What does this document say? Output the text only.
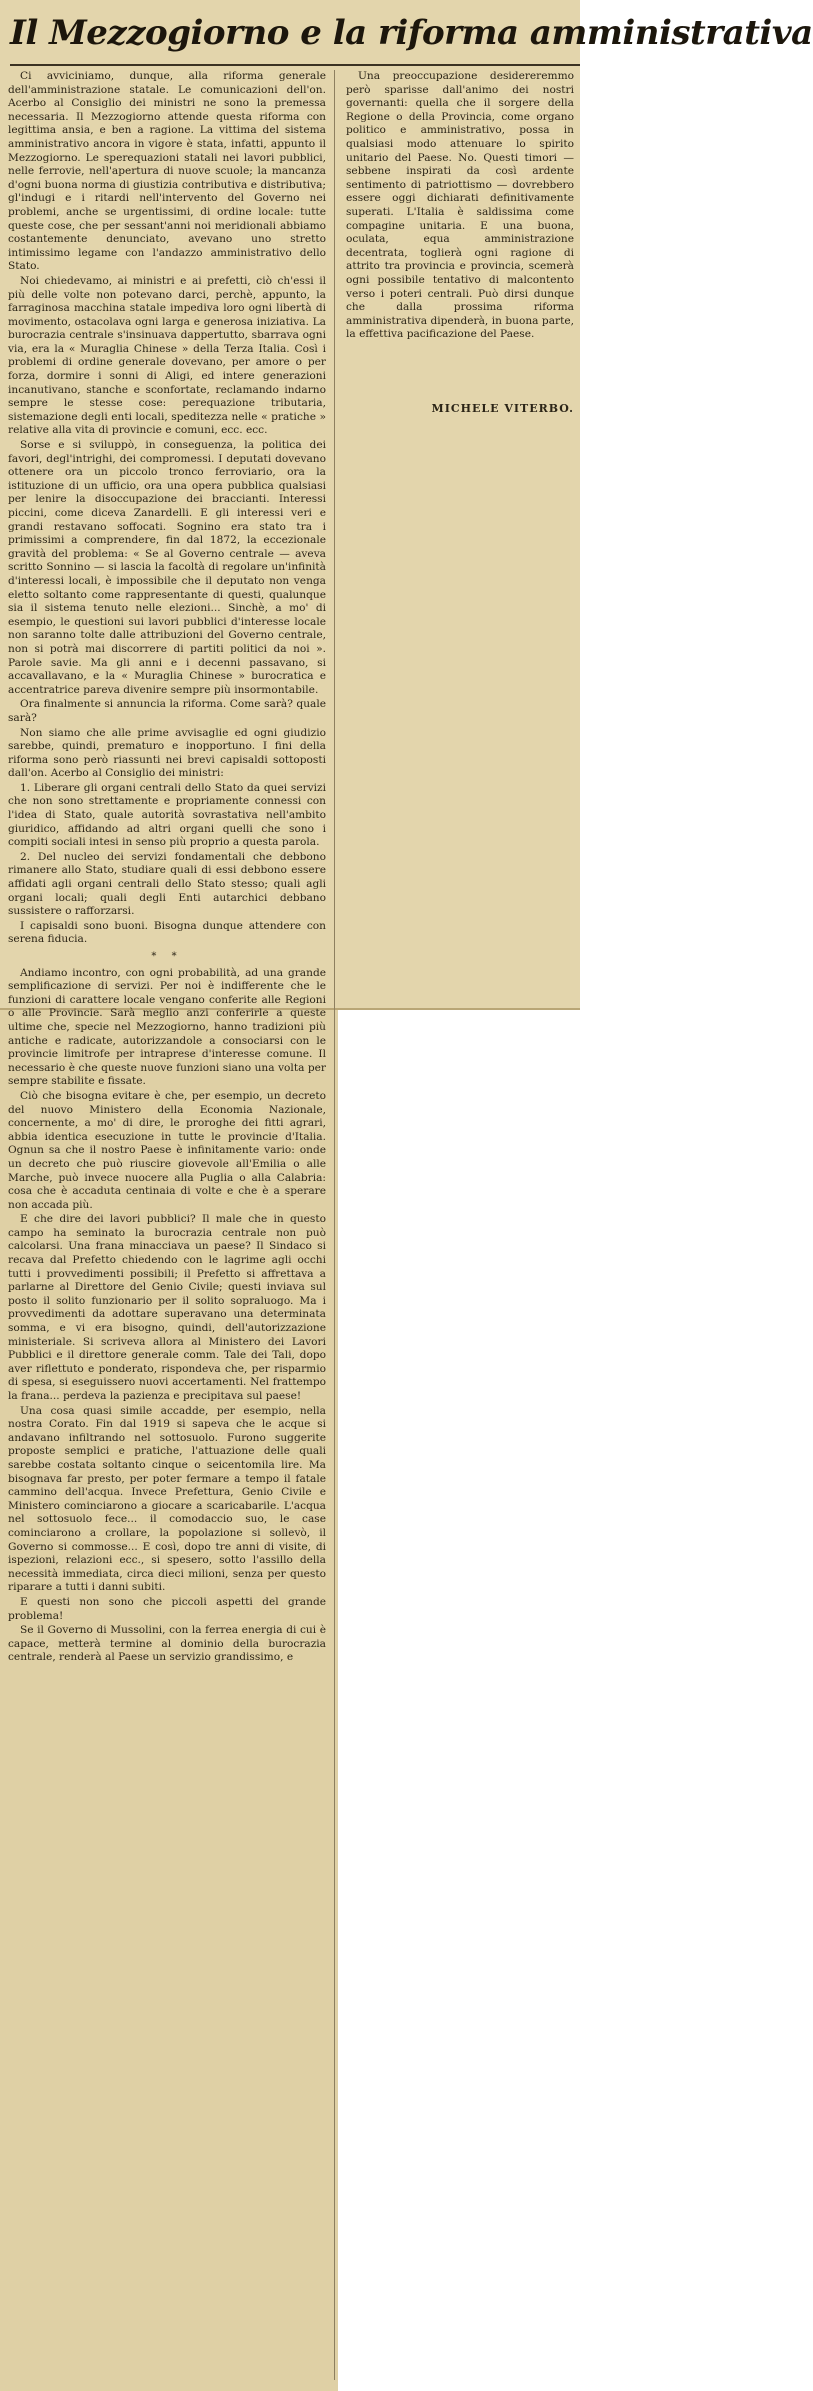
Il Mezzogiorno e la riforma amministrativa

Ci avviciniamo, dunque, alla riforma generale dell'amministrazione statale. Le comunicazioni dell'on. Acerbo al Consiglio dei ministri ne sono la premessa necessaria. Il Mezzogiorno attende questa riforma con legittima ansia, e ben a ragione. La vittima del sistema amministrativo ancora in vigore è stata, infatti, appunto il Mezzogiorno. Le sperequazioni statali nei lavori pubblici, nelle ferrovie, nell'apertura di nuove scuole; la mancanza d'ogni buona norma di giustizia contributiva e distributiva; gl'indugi e i ritardi nell'intervento del Governo nei problemi, anche se urgentissimi, di ordine locale: tutte queste cose, che per sessant'anni noi meridionali abbiamo costantemente denunciato, avevano uno stretto intimissimo legame con l'andazzo amministrativo dello Stato.

Noi chiedevamo, ai ministri e ai prefetti, ciò ch'essi il più delle volte non potevano darci, perchè, appunto, la farraginosa macchina statale impediva loro ogni libertà di movimento, ostacolava ogni larga e generosa iniziativa. La burocrazia centrale s'insinuava dappertutto, sbarrava ogni via, era la « Muraglia Chinese » della Terza Italia. Così i problemi di ordine generale dovevano, per amore o per forza, dormire i sonni di Aligi, ed intere generazioni incanutivano, stanche e sconfortate, reclamando indarno sempre le stesse cose: perequazione tributaria, sistemazione degli enti locali, speditezza nelle « pratiche » relative alla vita di provincie e comuni, ecc. ecc.

Sorse e si sviluppò, in conseguenza, la politica dei favori, degl'intrighi, dei compromessi. I deputati dovevano ottenere ora un piccolo tronco ferroviario, ora la istituzione di un ufficio, ora una opera pubblica qualsiasi per lenire la disoccupazione dei braccianti. Interessi piccini, come diceva Zanardelli. E gli interessi veri e grandi restavano soffocati. Sognino era stato tra i primissimi a comprendere, fin dal 1872, la eccezionale gravità del problema: « Se al Governo centrale — aveva scritto Sonnino — si lascia la facoltà di regolare un'infinità d'interessi locali, è impossibile che il deputato non venga eletto soltanto come rappresentante di questi, qualunque sia il sistema tenuto nelle elezioni... Sinchè, a mo' di esempio, le questioni sui lavori pubblici d'interesse locale non saranno tolte dalle attribuzioni del Governo centrale, non si potrà mai discorrere di partiti politici da noi ». Parole savie. Ma gli anni e i decenni passavano, si accavallavano, e la « Muraglia Chinese » burocratica e accentratrice pareva divenire sempre più insormontabile.

Ora finalmente si annuncia la riforma. Come sarà? quale sarà?

Non siamo che alle prime avvisaglie ed ogni giudizio sarebbe, quindi, prematuro e inopportuno. I fini della riforma sono però riassunti nei brevi capisaldi sottoposti dall'on. Acerbo al Consiglio dei ministri:

1. Liberare gli organi centrali dello Stato da quei servizi che non sono strettamente e propriamente connessi con l'idea di Stato, quale autorità sovrastativa nell'ambito giuridico, affidando ad altri organi quelli che sono i compiti sociali intesi in senso più proprio a questa parola.

2. Del nucleo dei servizi fondamentali che debbono rimanere allo Stato, studiare quali di essi debbono essere affidati agli organi centrali dello Stato stesso; quali agli organi locali; quali degli Enti autarchici debbano sussistere o rafforzarsi.

I capisaldi sono buoni. Bisogna dunque attendere con serena fiducia.

* *

Andiamo incontro, con ogni probabilità, ad una grande semplificazione di servizi. Per noi è indifferente che le funzioni di carattere locale vengano conferite alle Regioni o alle Provincie. Sarà meglio anzi conferirle a queste ultime che, specie nel Mezzogiorno, hanno tradizioni più antiche e radicate, autorizzandole a consociarsi con le provincie limitrofe per intraprese d'interesse comune. Il necessario è che queste nuove funzioni siano una volta per sempre stabilite e fissate.

Ciò che bisogna evitare è che, per esempio, un decreto del nuovo Ministero della Economia Nazionale, concernente, a mo' di dire, le proroghe dei fitti agrari, abbia identica esecuzione in tutte le provincie d'Italia. Ognun sa che il nostro Paese è infinitamente vario: onde un decreto che può riuscire giovevole all'Emilia o alle Marche, può invece nuocere alla Puglia o alla Calabria: cosa che è accaduta centinaia di volte e che è a sperare non accada più.

E che dire dei lavori pubblici? Il male che in questo campo ha seminato la burocrazia centrale non può calcolarsi. Una frana minacciava un paese? Il Sindaco si recava dal Prefetto chiedendo con le lagrime agli occhi tutti i provvedimenti possibili; il Prefetto si affrettava a parlarne al Direttore del Genio Civile; questi inviava sul posto il solito funzionario per il solito sopraluogo. Ma i provvedimenti da adottare superavano una determinata somma, e vi era bisogno, quindi, dell'autorizzazione ministeriale. Si scriveva allora al Ministero dei Lavori Pubblici e il direttore generale comm. Tale dei Tali, dopo aver riflettuto e ponderato, rispondeva che, per risparmio di spesa, si eseguissero nuovi accertamenti. Nel frattempo la frana... perdeva la pazienza e precipitava sul paese!

Una cosa quasi simile accadde, per esempio, nella nostra Corato. Fin dal 1919 si sapeva che le acque si andavano infiltrando nel sottosuolo. Furono suggerite proposte semplici e pratiche, l'attuazione delle quali sarebbe costata soltanto cinque o seicentomila lire. Ma bisognava far presto, per poter fermare a tempo il fatale cammino dell'acqua. Invece Prefettura, Genio Civile e Ministero cominciarono a giocare a scaricabarile. L'acqua nel sottosuolo fece... il comodaccio suo, le case cominciarono a crollare, la popolazione si sollevò, il Governo si commosse... E così, dopo tre anni di visite, di ispezioni, relazioni ecc., si spesero, sotto l'assillo della necessità immediata, circa dieci milioni, senza per questo riparare a tutti i danni subiti.

E questi non sono che piccoli aspetti del grande problema!

Se il Governo di Mussolini, con la ferrea energia di cui è capace, metterà termine al dominio della burocrazia centrale, renderà al Paese un servizio grandissimo, e

Una preoccupazione desidereremmo però sparisse dall'animo dei nostri governanti: quella che il sorgere della Regione o della Provincia, come organo politico e amministrativo, possa in qualsiasi modo attenuare lo spirito unitario del Paese. No. Questi timori — sebbene inspirati da così ardente sentimento di patriottismo — dovrebbero essere oggi dichiarati definitivamente superati. L'Italia è saldissima come compagine unitaria. E una buona, oculata, equa amministrazione decentrata, toglierà ogni ragione di attrito tra provincia e provincia, scemerà ogni possibile tentativo di malcontento verso i poteri centrali. Può dirsi dunque che dalla prossima riforma amministrativa dipenderà, in buona parte, la effettiva pacificazione del Paese.

MICHELE VITERBO.
